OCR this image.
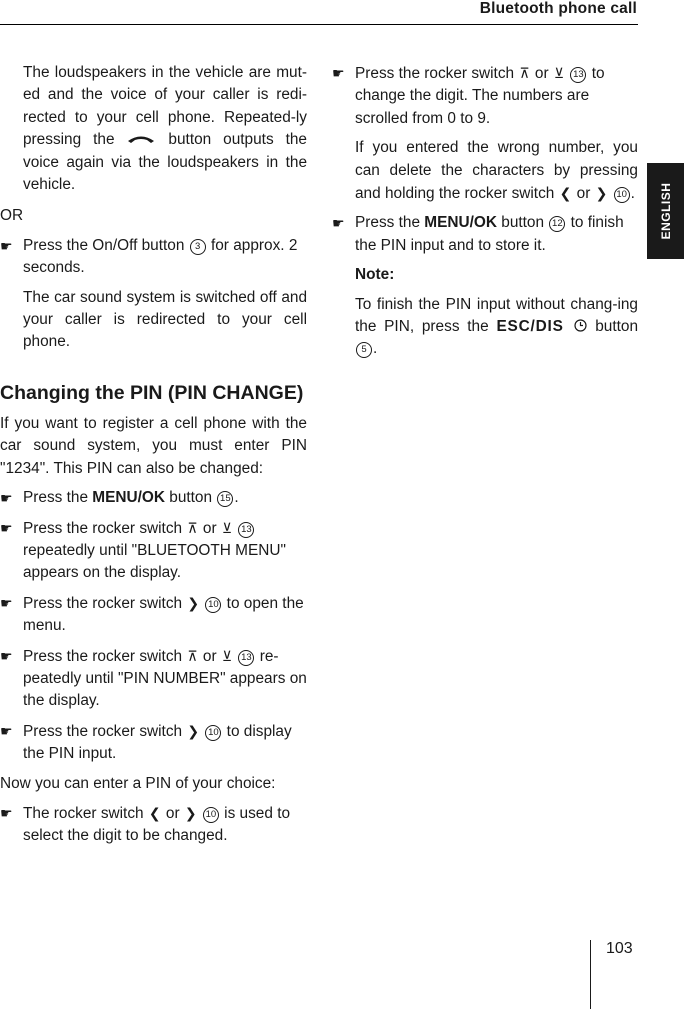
Bluetooth phone call
ENGLISH

The loudspeakers in the vehicle are mut-ed and the voice of your caller is redi-rected to your cell phone. Repeated-ly pressing the	button outputs the voice again via the loudspeakers in the vehicle.

OR

☛ Press the On/Off button 3 for approx. 2 seconds.

The car sound system is switched off and your caller is redirected to your cell phone.

Changing the PIN (PIN CHANGE)

If you want to register a cell phone with the car sound system, you must enter PIN "1234". This PIN can also be changed:

☛ Press the MENU/OK button 15 .
☛ Press the rocker switch ⊼ or ⊻ 13 repeatedly until "BLUETOOTH MENU" appears on the display.
☛ Press the rocker switch ❯ 10 to open the menu.
☛ Press the rocker switch ⊼ or ⊻ 13 re-peatedly until "PIN NUMBER" appears on the display.
☛ Press the rocker switch ❯ 10 to display the PIN input.

Now you can enter a PIN of your choice:

☛ The rocker switch ❮ or ❯ 10 is used to select the digit to be changed.
☛ Press the rocker switch ⊼ or ⊻ 13 to change the digit. The numbers are scrolled from 0 to 9.

If you entered the wrong number, you can delete the characters by pressing and holding the rocker switch ❮ or ❯ 10 .

☛ Press the MENU/OK button 12 to finish the PIN input and to store it.

Note:

To finish the PIN input without chang-ing the PIN, press the ESC/DIS button 5 .

103
